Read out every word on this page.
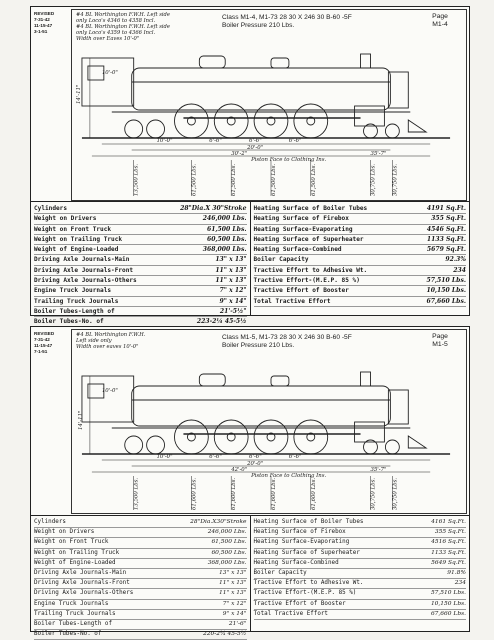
REVISED
7-31-42
11-15-47
3-1-51
#4 BL Worthington F.W.H. Left side
only Loco's 4346 to 4358 Incl.
#4 BL Worthington F.W.H. Left side
only Loco's 4359 to 4366 Incl.
Width over Eaves 10'-0"
Class M1-4, M1-73 28 30 X 246 30 B-60 -5F
Boiler Pressure 210 Lbs.
Page
M1-4
10'-0"	6'-6"	6'-6"	6'-6"
20'-0"
30'-2"	35'-7"
14'-11"
10'-0"
Piston Face to Clothing Ins.
13,500 Lbs.	61,500 Lbs.	61,500 Lbs.	61,500 Lbs.	61,500 Lbs.	30,750 Lbs.	30,750 Lbs.
Cylinders	28"Dia.X 30"Stroke
Weight on Drivers	246,000 Lbs.
Weight on Front Truck	61,500 Lbs.
Weight on Trailing Truck	60,500 Lbs.
Weight of Engine-Loaded	368,000 Lbs.
Driving Axle Journals-Main	13" x 13"
Driving Axle Journals-Front	11" x 13"
Driving Axle Journals-Others	11" x 13"
Engine Truck Journals	7" x 12"
Trailing Truck Journals	9" x 14"
Boiler Tubes-Length of	21'-5½"
Boiler Tubes-No. of	223-2¼ 45-5½
Heating Surface of Boiler Tubes	4191 Sq.Ft.
Heating Surface of Firebox	355 Sq.Ft.
Heating Surface-Evaporating	4546 Sq.Ft.
Heating Surface of Superheater	1133 Sq.Ft.
Heating Surface-Combined	5679 Sq.Ft.
Boiler Capacity	92.3%
Tractive Effort to Adhesive Wt.	234
Tractive Effort-(M.E.P. 85 %)	57,510 Lbs.
Tractive Effort of Booster	10,150 Lbs.
Total Tractive Effort	67,660 Lbs.
REVISED
7-31-42
11-15-47
7-1-51
#4 BL Worthington F.W.H.
Left side only
Width over eaves 10'-0"
Class M1-5, M1-73 28 30 X 246 30 B-60 -5F
Boiler Pressure 210 Lbs.
Page
M1-5
10'-0"	6'-6"	6'-6"	6'-6"
20'-0"
42'-0"	35'-7"
14'-11"
10'-0"
Piston Face to Clothing Ins.
13,500 Lbs.	61,600 Lbs.	61,600 Lbs.	61,600 Lbs.	61,600 Lbs.	30,750 Lbs.	30,750 Lbs.
Cylinders	28"Dia.X30"Stroke
Weight on Drivers	246,000 Lbs.
Weight on Front Truck	61,500 Lbs.
Weight on Trailing Truck	60,500 Lbs.
Weight of Engine-Loaded	368,000 Lbs.
Driving Axle Journals-Main	13" x 13"
Driving Axle Journals-Front	11" x 13"
Driving Axle Journals-Others	11" x 13"
Engine Truck Journals	7" x 12"
Trailing Truck Journals	9" x 14"
Boiler Tubes-Length of	21'-6"
Boiler Tubes-No. of	220-2¼ 45-5½
Heating Surface of Boiler Tubes	4161 Sq.Ft.
Heating Surface of Firebox	355 Sq.Ft.
Heating Surface-Evaporating	4516 Sq.Ft.
Heating Surface of Superheater	1133 Sq.Ft.
Heating Surface-Combined	5649 Sq.Ft.
Boiler Capacity	91.8%
Tractive Effort to Adhesive Wt.	234
Tractive Effort-(M.E.P. 85 %)	57,510 Lbs.
Tractive Effort of Booster	10,150 Lbs.
Total Tractive Effort	67,660 Lbs.
